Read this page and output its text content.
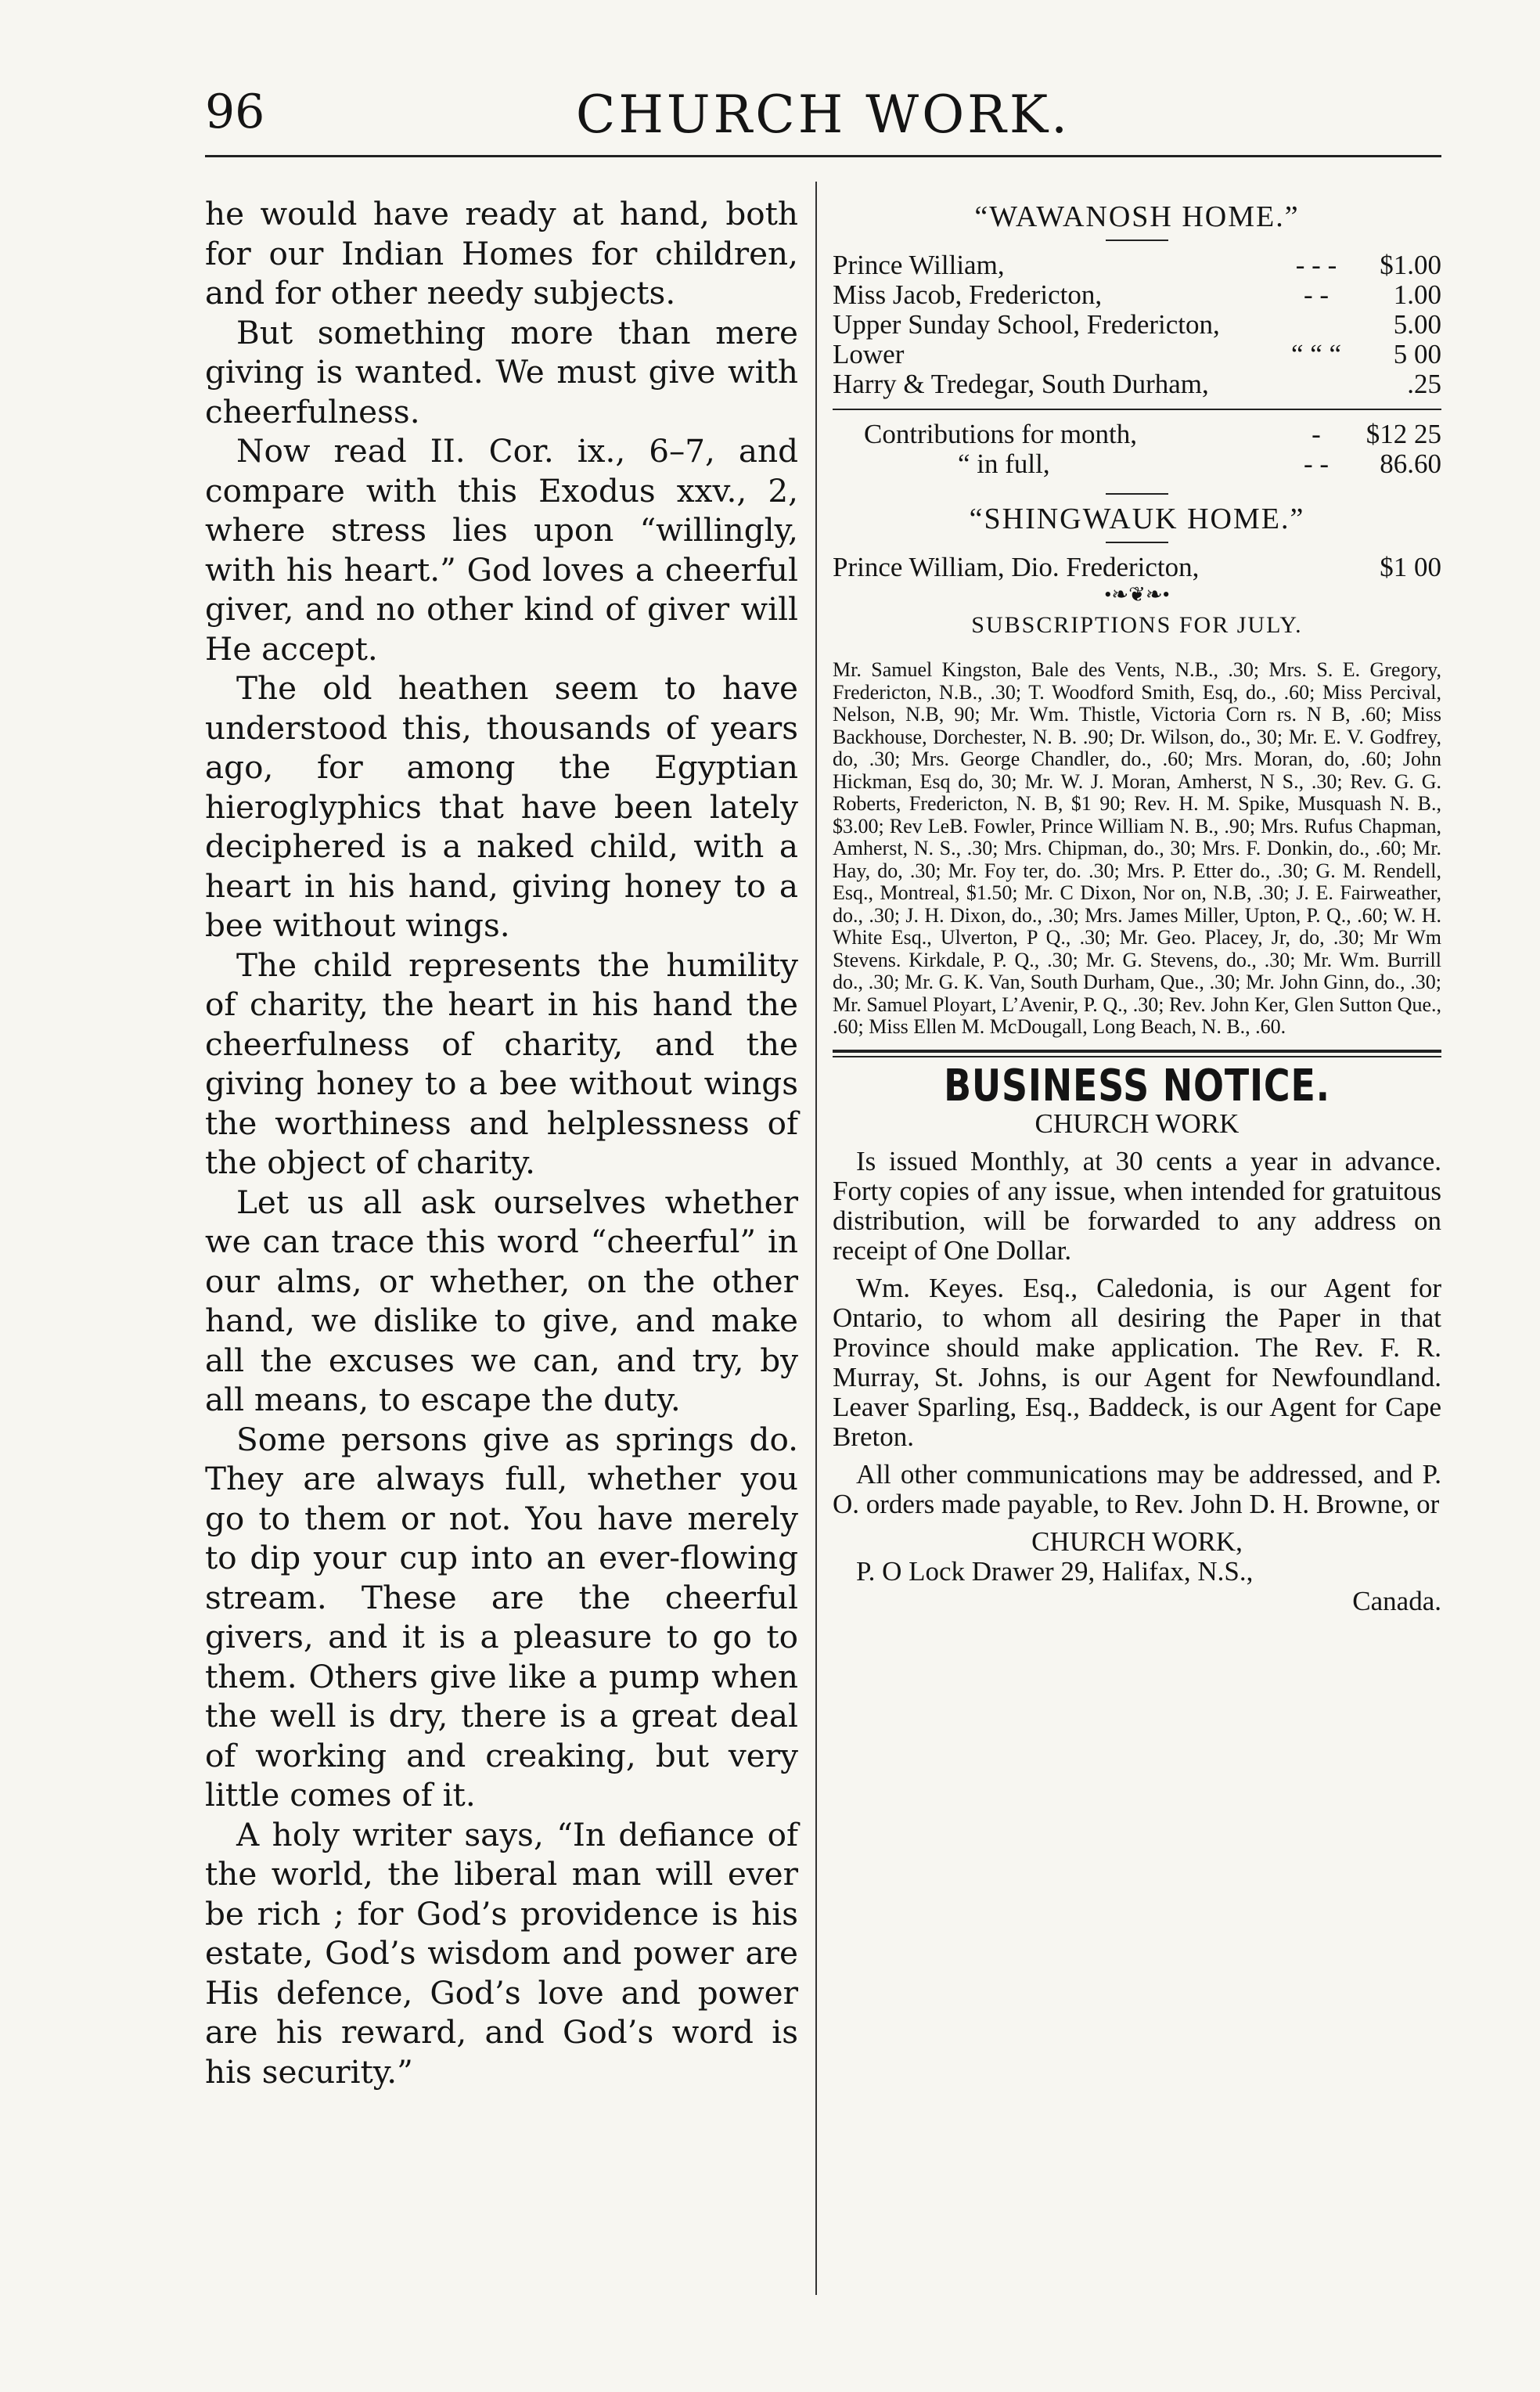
96	CHURCH WORK.

he would have ready at hand, both for our Indian Homes for children, and for other needy subjects.

But something more than mere giving is wanted. We must give with cheerfulness.

Now read II. Cor. ix., 6–7, and compare with this Exodus xxv., 2, where stress lies upon “willingly, with his heart.” God loves a cheerful giver, and no other kind of giver will He accept.

The old heathen seem to have understood this, thousands of years ago, for among the Egyptian hieroglyphics that have been lately deciphered is a naked child, with a heart in his hand, giving honey to a bee without wings.

The child represents the humility of charity, the heart in his hand the cheerfulness of charity, and the giving honey to a bee without wings the worthiness and helplessness of the object of charity.

Let us all ask ourselves whether we can trace this word “cheerful” in our alms, or whether, on the other hand, we dislike to give, and make all the excuses we can, and try, by all means, to escape the duty.

Some persons give as springs do. They are always full, whether you go to them or not. You have merely to dip your cup into an ever-flowing stream. These are the cheerful givers, and it is a pleasure to go to them. Others give like a pump when the well is dry, there is a great deal of working and creaking, but very little comes of it.

A holy writer says, “In defiance of the world, the liberal man will ever be rich ; for God’s providence is his estate, God’s wisdom and power are His defence, God’s love and power are his reward, and God’s word is his security.”

“WAWANOSH HOME.”
Prince William,	- - -	$1.00
Miss Jacob, Fredericton,	- -	1.00
Upper Sunday School, Fredericton,	5.00
Lower	“ “ “	5 00
Harry & Tredegar, South Durham,	.25
Contributions for month,	-	$12 25
“ in full,	- -	86.60
“SHINGWAUK HOME.”
Prince William, Dio. Fredericton,	$1 00
•❧❦❧•
SUBSCRIPTIONS FOR JULY.
Mr. Samuel Kingston, Bale des Vents, N.B., .30; Mrs. S. E. Gregory, Fredericton, N.B., .30; T. Woodford Smith, Esq, do., .60; Miss Percival, Nelson, N.B, 90; Mr. Wm. Thistle, Victoria Corn rs. N B, .60; Miss Backhouse, Dorchester, N. B. .90; Dr. Wilson, do., 30; Mr. E. V. Godfrey, do, .30; Mrs. George Chandler, do., .60; Mrs. Moran, do, .60; John Hickman, Esq do, 30; Mr. W. J. Moran, Amherst, N S., .30; Rev. G. G. Roberts, Fredericton, N. B, $1 90; Rev. H. M. Spike, Musquash N. B., $3.00; Rev LeB. Fowler, Prince William N. B., .90; Mrs. Rufus Chapman, Amherst, N. S., .30; Mrs. Chipman, do., 30; Mrs. F. Donkin, do., .60; Mr. Hay, do, .30; Mr. Foy ter, do. .30; Mrs. P. Etter do., .30; G. M. Rendell, Esq., Montreal, $1.50; Mr. C Dixon, Nor on, N.B, .30; J. E. Fairweather, do., .30; J. H. Dixon, do., .30; Mrs. James Miller, Upton, P. Q., .60; W. H. White Esq., Ulverton, P Q., .30; Mr. Geo. Placey, Jr, do, .30; Mr Wm Stevens. Kirkdale, P. Q., .30; Mr. G. Stevens, do., .30; Mr. Wm. Burrill do., .30; Mr. G. K. Van, South Durham, Que., .30; Mr. John Ginn, do., .30; Mr. Samuel Ployart, L’Avenir, P. Q., .30; Rev. John Ker, Glen Sutton Que., .60; Miss Ellen M. McDougall, Long Beach, N. B., .60.
BUSINESS NOTICE.
CHURCH WORK

Is issued Monthly, at 30 cents a year in advance. Forty copies of any issue, when intended for gratuitous distribution, will be forwarded to any address on receipt of One Dollar.

Wm. Keyes. Esq., Caledonia, is our Agent for Ontario, to whom all desiring the Paper in that Province should make application. The Rev. F. R. Murray, St. Johns, is our Agent for Newfoundland. Leaver Sparling, Esq., Baddeck, is our Agent for Cape Breton.

All other communications may be addressed, and P. O. orders made payable, to Rev. John D. H. Browne, or

CHURCH WORK,
P. O Lock Drawer 29, Halifax, N.S.,
Canada.
